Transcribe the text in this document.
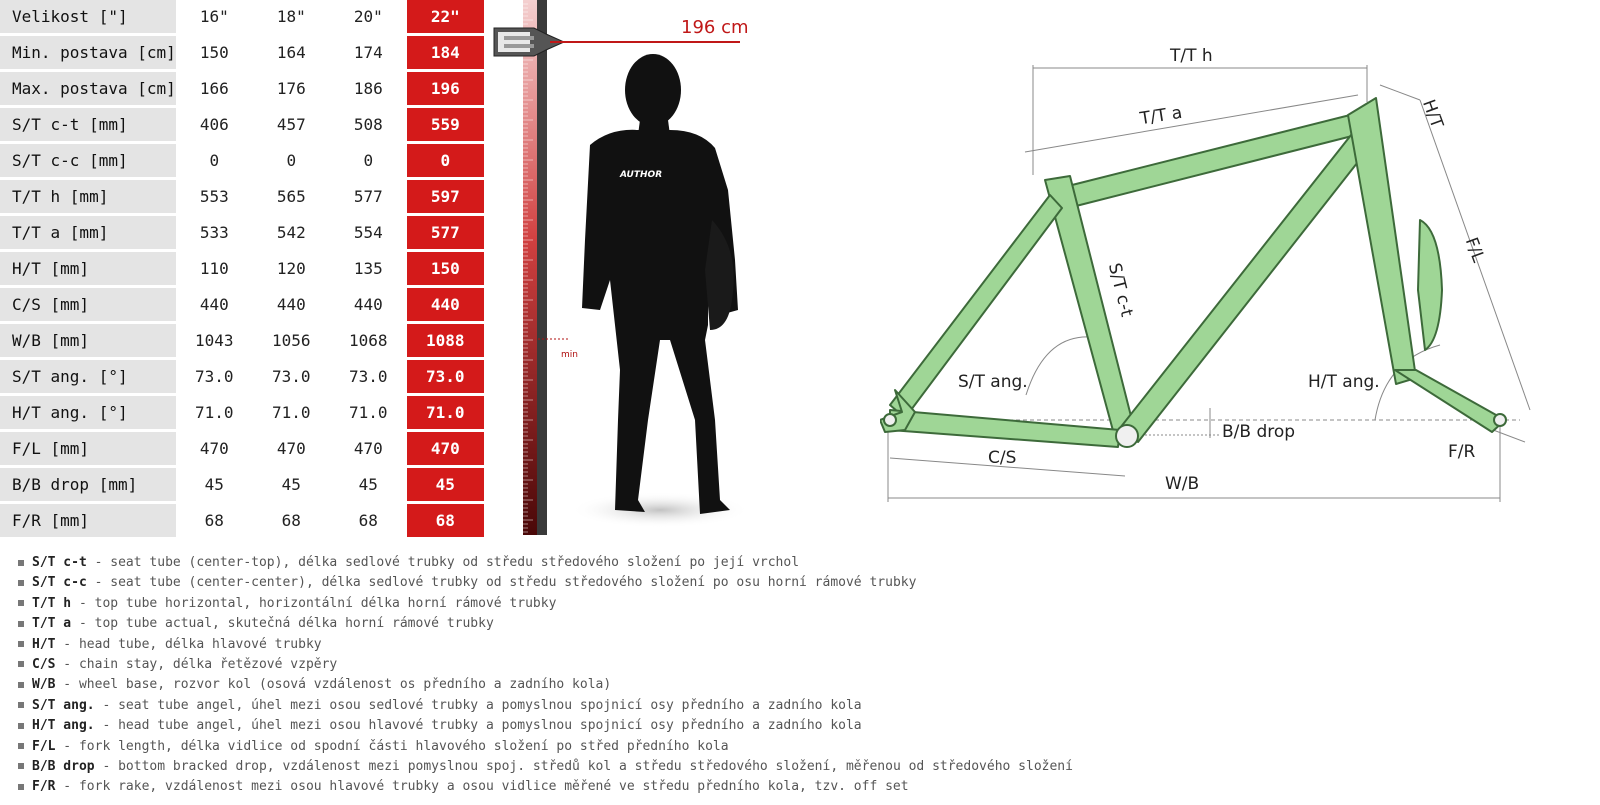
Velikost ["]	16"	18"	20"		22"
Min. postava [cm]	150	164	174		184
Max. postava [cm]	166	176	186		196
S/T c-t [mm]	406	457	508		559
S/T c-c [mm]	0	0	0		0
T/T h [mm]	553	565	577		597
T/T a [mm]	533	542	554		577
H/T [mm]	110	120	135		150
C/S [mm]	440	440	440		440
W/B [mm]	1043	1056	1068		1088
S/T ang. [°]	73.0	73.0	73.0		73.0
H/T ang. [°]	71.0	71.0	71.0		71.0
F/L [mm]	470	470	470		470
B/B drop [mm]	45	45	45		45
F/R [mm]	68	68	68		68
196 cm
AUTHOR
min
T/T h
T/T a	H/T
F/L
S/T c-t
S/T ang.	H/T ang.
B/B drop
C/S	F/R
W/B
S/T c-t - seat tube (center-top), délka sedlové trubky od středu středového složení po její vrchol
S/T c-c - seat tube (center-center), délka sedlové trubky od středu středového složení po osu horní rámové trubky
T/T h - top tube horizontal, horizontální délka horní rámové trubky
T/T a - top tube actual, skutečná délka horní rámové trubky
H/T - head tube, délka hlavové trubky
C/S - chain stay, délka řetězové vzpěry
W/B - wheel base, rozvor kol (osová vzdálenost os předního a zadního kola)
S/T ang. - seat tube angel, úhel mezi osou sedlové trubky a pomyslnou spojnicí osy předního a zadního kola
H/T ang. - head tube angel, úhel mezi osou hlavové trubky a pomyslnou spojnicí osy předního a zadního kola
F/L - fork length, délka vidlice od spodní části hlavového složení po střed předního kola
B/B drop - bottom bracked drop, vzdálenost mezi pomyslnou spoj. středů kol a středu středového složení, měřenou od středového složení
F/R - fork rake, vzdálenost mezi osou hlavové trubky a osou vidlice měřené ve středu předního kola, tzv. off set
